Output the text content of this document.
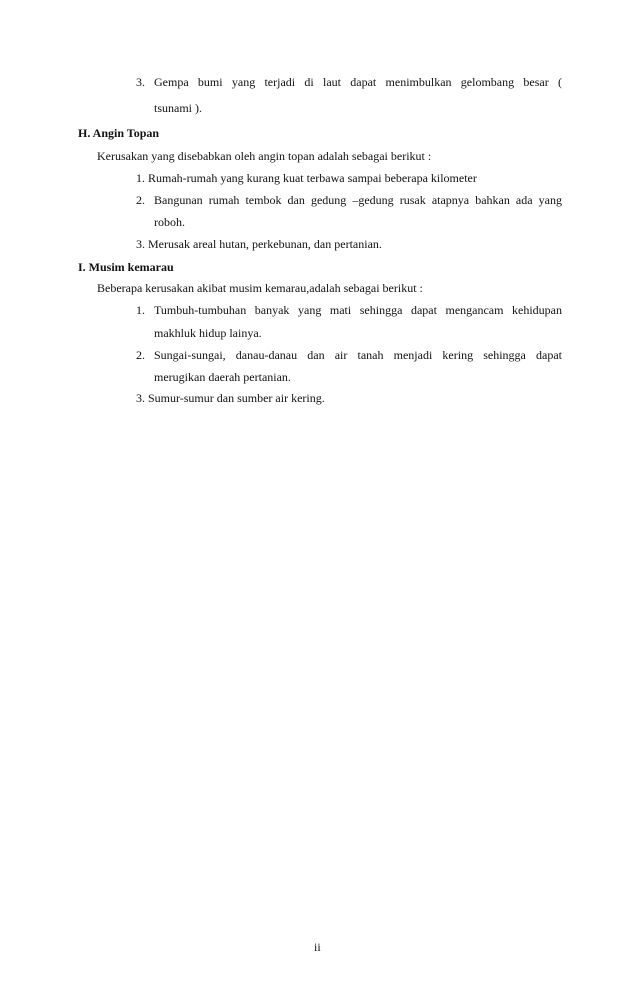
3. Gempa bumi yang terjadi di laut dapat menimbulkan gelombang besar (
tsunami ).
H. Angin Topan
Kerusakan yang disebabkan oleh angin topan adalah sebagai berikut :
1. Rumah-rumah yang kurang kuat terbawa sampai beberapa kilometer
2. Bangunan rumah tembok dan gedung –gedung rusak atapnya bahkan ada yang
roboh.
3. Merusak areal hutan, perkebunan, dan pertanian.
I. Musim kemarau
Beberapa kerusakan akibat musim kemarau,adalah sebagai berikut :
1. Tumbuh-tumbuhan banyak yang mati sehingga dapat mengancam kehidupan
makhluk hidup lainya.
2. Sungai-sungai, danau-danau dan air tanah menjadi kering sehingga dapat
merugikan daerah pertanian.
3. Sumur-sumur dan sumber air kering.
ii
